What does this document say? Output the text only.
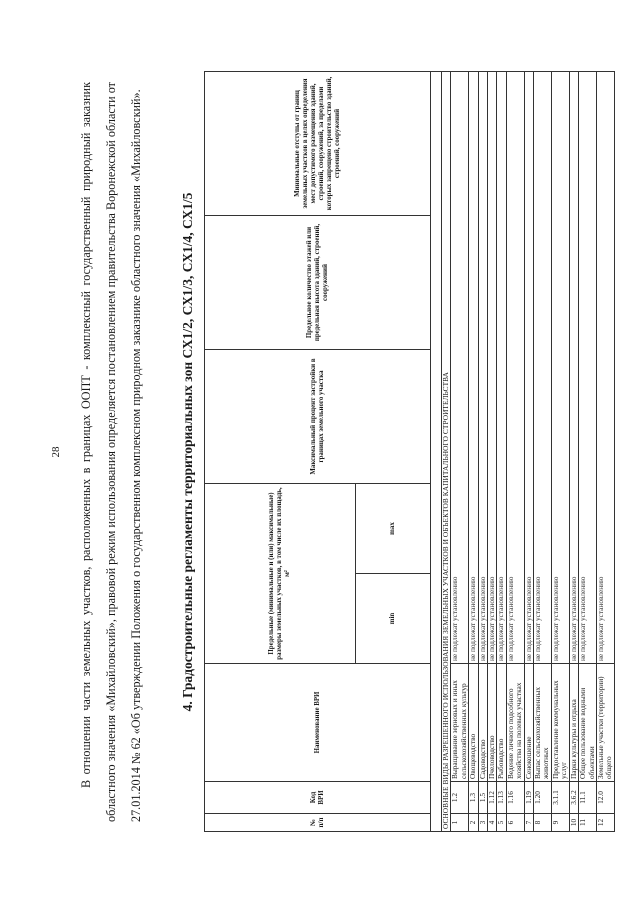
28	В отношении части земельных участков, расположенных в границах ООПТ - комплексный государственный природный заказник областного значения «Михайловский», правовой режим использования определяется постановлением правительства Воронежской области от 27.01.2014 № 62 «Об утверждении Положения о государственном комплексном природном заказнике областного значения «Михайловский».	4. Градостроительные регламенты территориальных зон СХ1/2, СХ1/3, СХ1/4, СХ1/5
№ п/п	Код ВРИ	Наименование ВРИ	Предельные (минимальные и (или) максимальные) размеры земельных участков, в том числе их площадь, м²		Максимальный процент застройки в границах земельного участка	Предельное количество этажей или предельная высота зданий, строений, сооружений	Минимальные отступы от границ земельных участков в целях определения мест допустимого размещения зданий, строений, сооружений, за пределами которых запрещено строительство зданий, строений, сооружений
			min	max			

ОСНОВНЫЕ ВИДЫ РАЗРЕШЕННОГО ИСПОЛЬЗОВАНИЯ ЗЕМЕЛЬНЫХ УЧАСТКОВ И ОБЪЕКТОВ КАПИТАЛЬНОГО СТРОИТЕЛЬСТВА							
1	1.2	Выращивание зерновых и иных сельскохозяйственных культур	не подлежат установлению				
2	1.3	Овощеводство	не подлежат установлению				
3	1.5	Садоводство	не подлежат установлению				
4	1.12	Пчеловодство	не подлежат установлению				
5	1.13	Рыбоводство	не подлежат установлению				
6	1.16	Ведение личного подсобного хозяйства на полевых участках	не подлежат установлению				
7	1.19	Сенокошение	не подлежат установлению				
8	1.20	Выпас сельскохозяйственных животных	не подлежат установлению				
9	3.1.1	Предоставление коммунальных услуг	не подлежат установлению				
10	3.6.2	Парки культуры и отдыха	не подлежат установлению				
11	11.1	Общее пользование водными объектами	не подлежат установлению				
12	12.0	Земельные участки (территории) общего	не подлежат установлению				
